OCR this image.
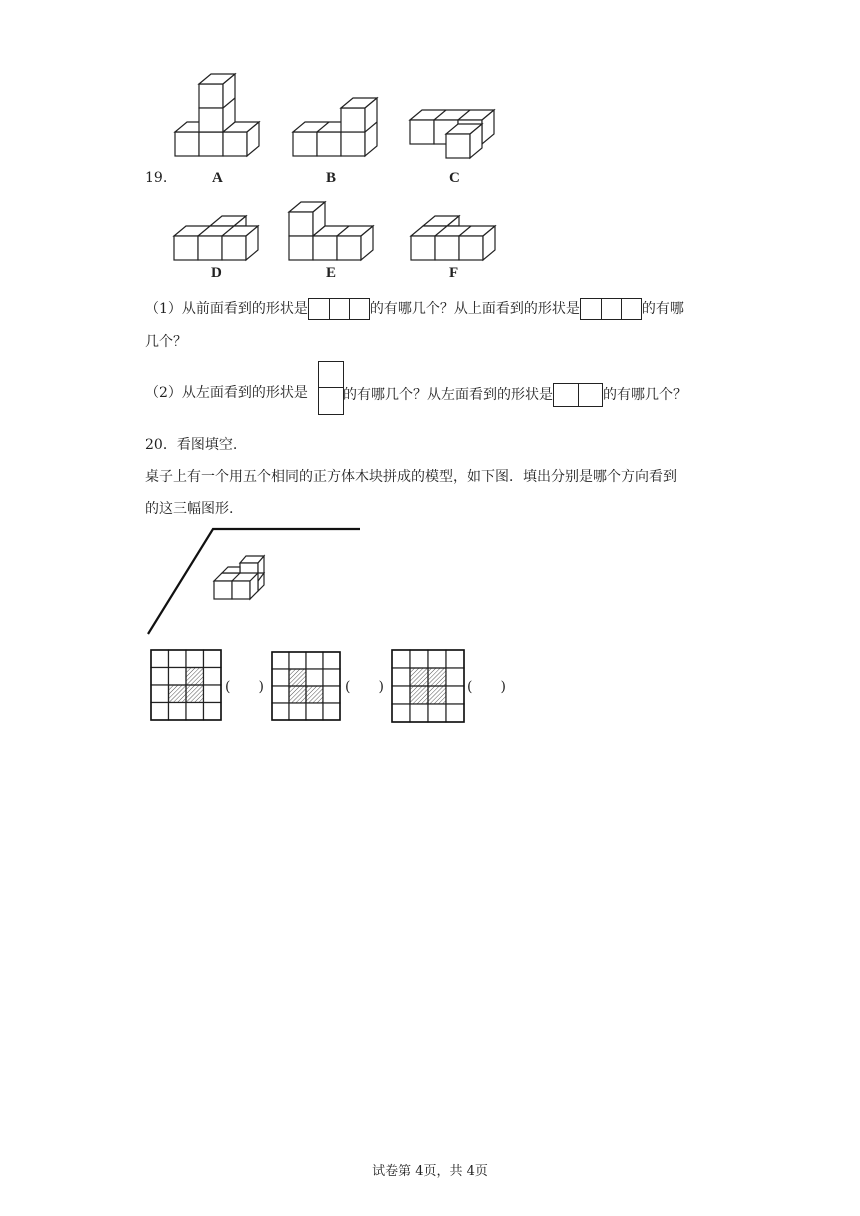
19.	A	B	C
D	E	F
（1）从前面看到的形状是	的有哪几个？从上面看到的形状是	的有哪
几个？
（2）从左面看到的形状是	的有哪几个？从左面看到的形状是	的有哪几个？
20．看图填空.
桌子上有一个用五个相同的正方体木块拼成的模型，如下图．填出分别是哪个方向看到
的这三幅图形.
(　　)	(　　)	(　　)
试卷第 4页，共 4页
